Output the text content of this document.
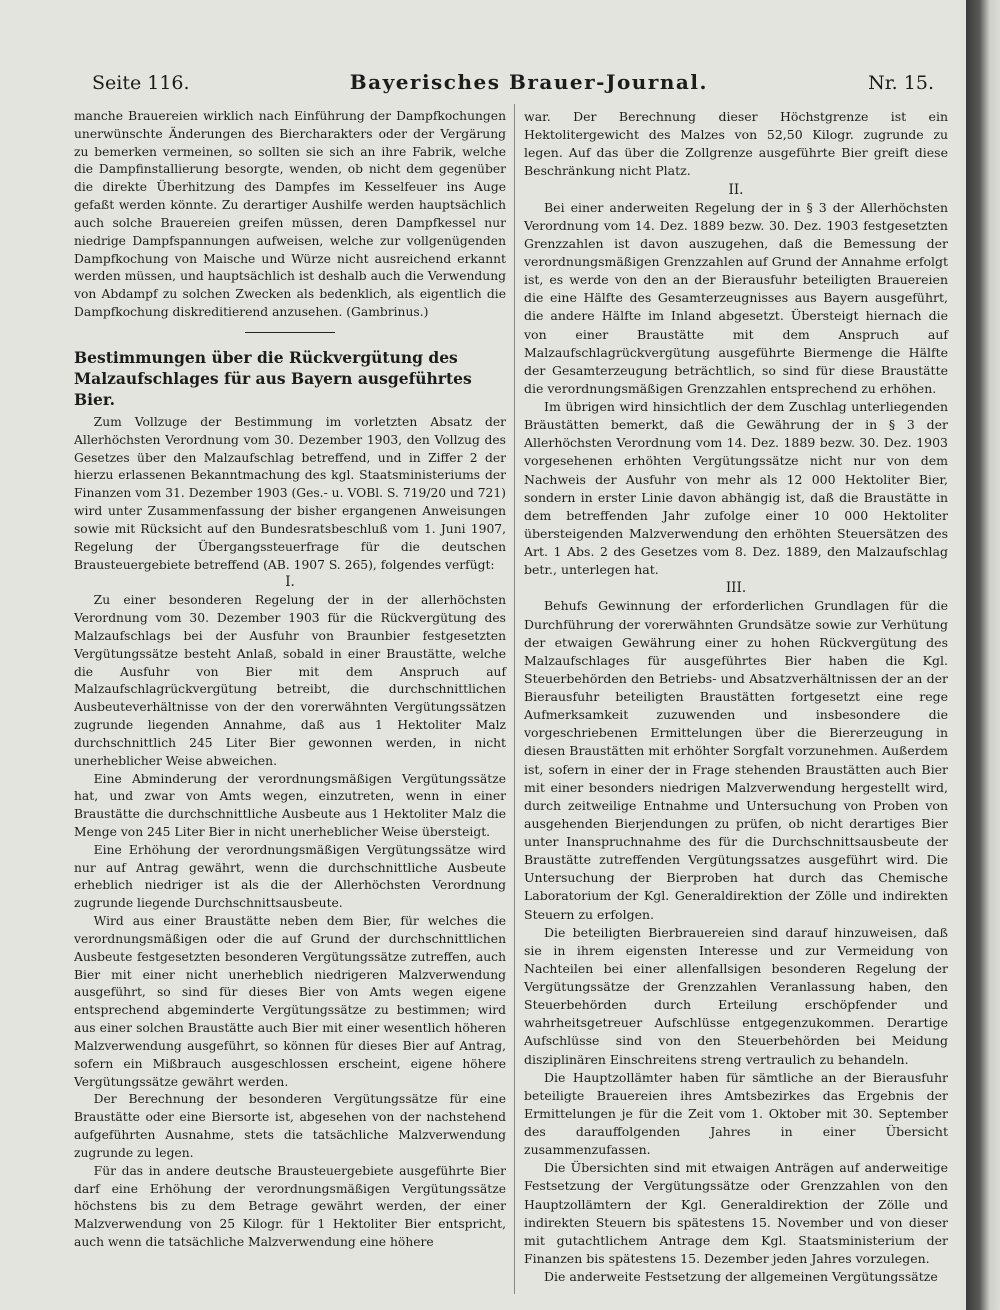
Seite 116.	Bayerisches Brauer-Journal.	Nr. 15.

manche Brauereien wirklich nach Einführung der Dampfkochungen unerwünschte Änderungen des Biercharakters oder der Vergärung zu bemerken vermeinen, so sollten sie sich an ihre Fabrik, welche die Dampfinstallierung besorgte, wenden, ob nicht dem gegenüber die direkte Überhitzung des Dampfes im Kesselfeuer ins Auge gefaßt werden könnte. Zu derartiger Aushilfe werden hauptsächlich auch solche Brauereien greifen müssen, deren Dampfkessel nur niedrige Dampfspannungen aufweisen, welche zur vollgenügenden Dampfkochung von Maische und Würze nicht ausreichend erkannt werden müssen, und hauptsächlich ist deshalb auch die Verwendung von Abdampf zu solchen Zwecken als bedenklich, als eigentlich die Dampfkochung diskreditierend anzusehen. (Gambrinus.)

Bestimmungen über die Rückvergütung des Malzaufschlages für aus Bayern ausgeführtes Bier.

Zum Vollzuge der Bestimmung im vorletzten Absatz der Allerhöchsten Verordnung vom 30. Dezember 1903, den Vollzug des Gesetzes über den Malzaufschlag betreffend, und in Ziffer 2 der hierzu erlassenen Bekanntmachung des kgl. Staatsministeriums der Finanzen vom 31. Dezember 1903 (Ges.- u. VOBl. S. 719/20 und 721) wird unter Zusammenfassung der bisher ergangenen Anweisungen sowie mit Rücksicht auf den Bundesratsbeschluß vom 1. Juni 1907, Regelung der Übergangssteuerfrage für die deutschen Brausteuergebiete betreffend (AB. 1907 S. 265), folgendes verfügt:

I.

Zu einer besonderen Regelung der in der allerhöchsten Verordnung vom 30. Dezember 1903 für die Rückvergütung des Malzaufschlags bei der Ausfuhr von Braunbier festgesetzten Vergütungssätze besteht Anlaß, sobald in einer Braustätte, welche die Ausfuhr von Bier mit dem Anspruch auf Malzaufschlagrückvergütung betreibt, die durchschnittlichen Ausbeuteverhältnisse von der den vorerwähnten Vergütungssätzen zugrunde liegenden Annahme, daß aus 1 Hektoliter Malz durchschnittlich 245 Liter Bier gewonnen werden, in nicht unerheblicher Weise abweichen.

Eine Abminderung der verordnungsmäßigen Vergütungssätze hat, und zwar von Amts wegen, einzutreten, wenn in einer Braustätte die durchschnittliche Ausbeute aus 1 Hektoliter Malz die Menge von 245 Liter Bier in nicht unerheblicher Weise übersteigt.

Eine Erhöhung der verordnungsmäßigen Vergütungssätze wird nur auf Antrag gewährt, wenn die durchschnittliche Ausbeute erheblich niedriger ist als die der Allerhöchsten Verordnung zugrunde liegende Durchschnittsausbeute.

Wird aus einer Braustätte neben dem Bier, für welches die verordnungsmäßigen oder die auf Grund der durchschnittlichen Ausbeute festgesetzten besonderen Vergütungssätze zutreffen, auch Bier mit einer nicht unerheblich niedrigeren Malzverwendung ausgeführt, so sind für dieses Bier von Amts wegen eigene entsprechend abgeminderte Vergütungssätze zu bestimmen; wird aus einer solchen Braustätte auch Bier mit einer wesentlich höheren Malzverwendung ausgeführt, so können für dieses Bier auf Antrag, sofern ein Mißbrauch ausgeschlossen erscheint, eigene höhere Vergütungssätze gewährt werden.

Der Berechnung der besonderen Vergütungssätze für eine Braustätte oder eine Biersorte ist, abgesehen von der nachstehend aufgeführten Ausnahme, stets die tatsächliche Malzverwendung zugrunde zu legen.

Für das in andere deutsche Brausteuergebiete ausgeführte Bier darf eine Erhöhung der verordnungsmäßigen Vergütungssätze höchstens bis zu dem Betrage gewährt werden, der einer Malzverwendung von 25 Kilogr. für 1 Hektoliter Bier entspricht, auch wenn die tatsächliche Malzverwendung eine höhere

war. Der Berechnung dieser Höchstgrenze ist ein Hektolitergewicht des Malzes von 52,50 Kilogr. zugrunde zu legen. Auf das über die Zollgrenze ausgeführte Bier greift diese Beschränkung nicht Platz.

II.

Bei einer anderweiten Regelung der in § 3 der Allerhöchsten Verordnung vom 14. Dez. 1889 bezw. 30. Dez. 1903 festgesetzten Grenzzahlen ist davon auszugehen, daß die Bemessung der verordnungsmäßigen Grenzzahlen auf Grund der Annahme erfolgt ist, es werde von den an der Bierausfuhr beteiligten Brauereien die eine Hälfte des Gesamterzeugnisses aus Bayern ausgeführt, die andere Hälfte im Inland abgesetzt. Übersteigt hiernach die von einer Braustätte mit dem Anspruch auf Malzaufschlagrückvergütung ausgeführte Biermenge die Hälfte der Gesamterzeugung beträchtlich, so sind für diese Braustätte die verordnungsmäßigen Grenzzahlen entsprechend zu erhöhen.

Im übrigen wird hinsichtlich der dem Zuschlag unterliegenden Bräustätten bemerkt, daß die Gewährung der in § 3 der Allerhöchsten Verordnung vom 14. Dez. 1889 bezw. 30. Dez. 1903 vorgesehenen erhöhten Vergütungssätze nicht nur von dem Nachweis der Ausfuhr von mehr als 12 000 Hektoliter Bier, sondern in erster Linie davon abhängig ist, daß die Braustätte in dem betreffenden Jahr zufolge einer 10 000 Hektoliter übersteigenden Malzverwendung den erhöhten Steuersätzen des Art. 1 Abs. 2 des Gesetzes vom 8. Dez. 1889, den Malzaufschlag betr., unterlegen hat.

III.

Behufs Gewinnung der erforderlichen Grundlagen für die Durchführung der vorerwähnten Grundsätze sowie zur Verhütung der etwaigen Gewährung einer zu hohen Rückvergütung des Malzaufschlages für ausgeführtes Bier haben die Kgl. Steuerbehörden den Betriebs- und Absatzverhältnissen der an der Bierausfuhr beteiligten Braustätten fortgesetzt eine rege Aufmerksamkeit zuzuwenden und insbesondere die vorgeschriebenen Ermittelungen über die Biererzeugung in diesen Braustätten mit erhöhter Sorgfalt vorzunehmen. Außerdem ist, sofern in einer der in Frage stehenden Braustätten auch Bier mit einer besonders niedrigen Malzverwendung hergestellt wird, durch zeitweilige Entnahme und Untersuchung von Proben von ausgehenden Bierjendungen zu prüfen, ob nicht derartiges Bier unter Inanspruchnahme des für die Durchschnittsausbeute der Braustätte zutreffenden Vergütungssatzes ausgeführt wird. Die Untersuchung der Bierproben hat durch das Chemische Laboratorium der Kgl. Generaldirektion der Zölle und indirekten Steuern zu erfolgen.

Die beteiligten Bierbrauereien sind darauf hinzuweisen, daß sie in ihrem eigensten Interesse und zur Vermeidung von Nachteilen bei einer allenfallsigen besonderen Regelung der Vergütungssätze der Grenzzahlen Veranlassung haben, den Steuerbehörden durch Erteilung erschöpfender und wahrheitsgetreuer Aufschlüsse entgegenzukommen. Derartige Aufschlüsse sind von den Steuerbehörden bei Meidung disziplinären Einschreitens streng vertraulich zu behandeln.

Die Hauptzollämter haben für sämtliche an der Bierausfuhr beteiligte Brauereien ihres Amtsbezirkes das Ergebnis der Ermittelungen je für die Zeit vom 1. Oktober mit 30. September des darauffolgenden Jahres in einer Übersicht zusammenzufassen.

Die Übersichten sind mit etwaigen Anträgen auf anderweitige Festsetzung der Vergütungssätze oder Grenzzahlen von den Hauptzollämtern der Kgl. Generaldirektion der Zölle und indirekten Steuern bis spätestens 15. November und von dieser mit gutachtlichem Antrage dem Kgl. Staatsministerium der Finanzen bis spätestens 15. Dezember jeden Jahres vorzulegen.

Die anderweite Festsetzung der allgemeinen Vergütungssätze
